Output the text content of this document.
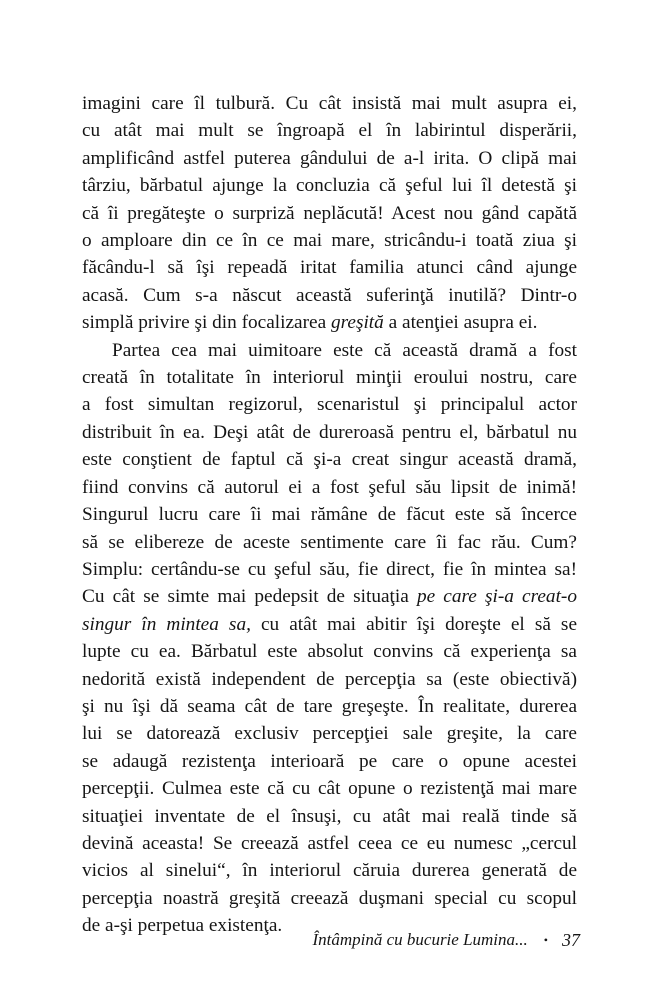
imagini care îl tulbură. Cu cât insistă mai mult asupra ei,
cu atât mai mult se îngroapă el în labirintul disperării,
amplificând astfel puterea gândului de a-l irita. O clipă mai
târziu, bărbatul ajunge la concluzia că şeful lui îl detestă şi
că îi pregăteşte o surpriză neplăcută! Acest nou gând capătă
o amploare din ce în ce mai mare, stricându-i toată ziua şi
făcându-l să îşi repeadă iritat familia atunci când ajunge
acasă. Cum s-a născut această suferinţă inutilă? Dintr-o
simplă privire şi din focalizarea greşită a atenţiei asupra ei.
Partea cea mai uimitoare este că această dramă a fost
creată în totalitate în interiorul minţii eroului nostru, care
a fost simultan regizorul, scenaristul şi principalul actor
distribuit în ea. Deşi atât de dureroasă pentru el, bărbatul nu
este conştient de faptul că şi-a creat singur această dramă,
fiind convins că autorul ei a fost şeful său lipsit de inimă!
Singurul lucru care îi mai rămâne de făcut este să încerce
să se elibereze de aceste sentimente care îi fac rău. Cum?
Simplu: certându-se cu şeful său, fie direct, fie în mintea sa!
Cu cât se simte mai pedepsit de situaţia pe care şi-a creat-o
singur în mintea sa, cu atât mai abitir îşi doreşte el să se
lupte cu ea. Bărbatul este absolut convins că experienţa sa
nedorită există independent de percepţia sa (este obiectivă)
şi nu îşi dă seama cât de tare greşeşte. În realitate, durerea
lui se datorează exclusiv percepţiei sale greşite, la care
se adaugă rezistenţa interioară pe care o opune acestei
percepţii. Culmea este că cu cât opune o rezistenţă mai mare
situaţiei inventate de el însuşi, cu atât mai reală tinde să
devină aceasta! Se creează astfel ceea ce eu numesc „cercul
vicios al sinelui“, în interiorul căruia durerea generată de
percepţia noastră greşită creează duşmani special cu scopul
de a-şi perpetua existenţa.
Întâmpină cu bucurie Lumina... • 37
